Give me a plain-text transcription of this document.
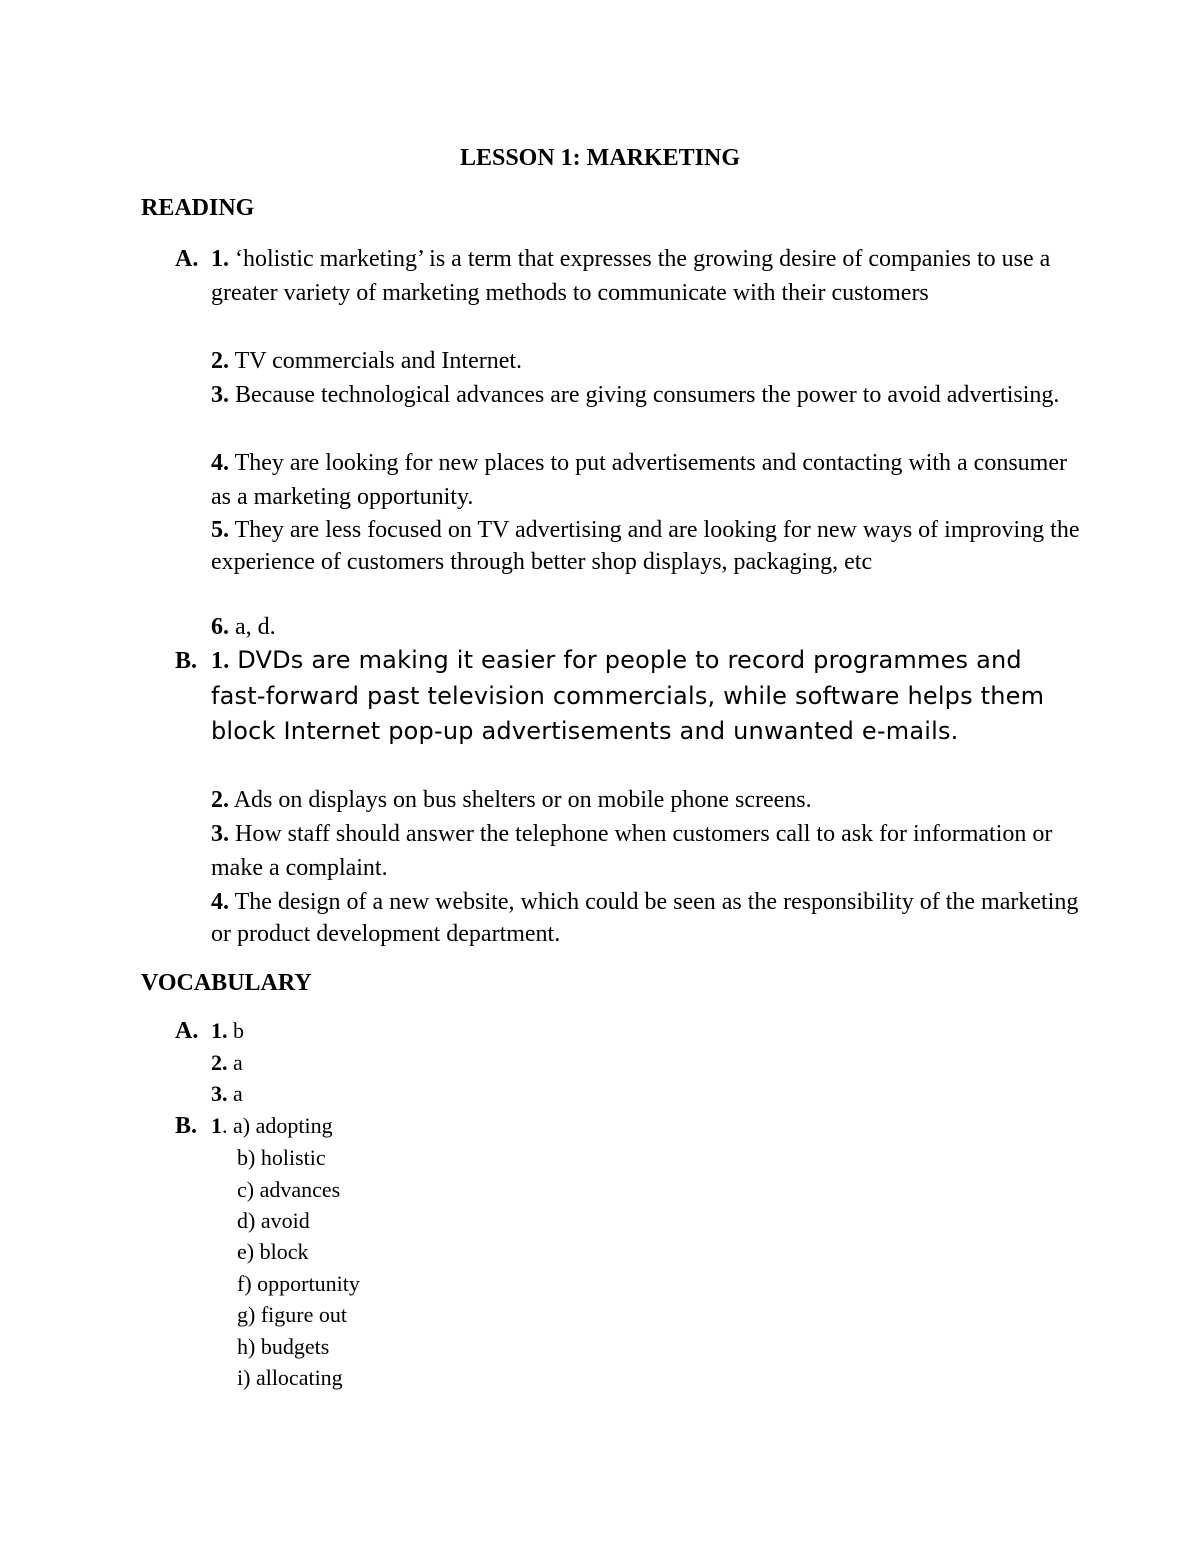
LESSON 1: MARKETING
READING
A. 1. ‘holistic marketing’ is a term that expresses the growing desire of companies to use a greater variety of marketing methods to communicate with their customers
2. TV commercials and Internet.
3. Because technological advances are giving consumers the power to avoid advertising.
4. They are looking for new places to put advertisements and contacting with a consumer as a marketing opportunity.
5. They are less focused on TV advertising and are looking for new ways of improving the experience of customers through better shop displays, packaging, etc
6. a, d.
B. 1. DVDs are making it easier for people to record programmes and fast-forward past television commercials, while software helps them block Internet pop-up advertisements and unwanted e-mails.
2. Ads on displays on bus shelters or on mobile phone screens.
3. How staff should answer the telephone when customers call to ask for information or make a complaint.
4. The design of a new website, which could be seen as the responsibility of the marketing or product development department.
VOCABULARY
A. 1. b
2. a
3. a
B. 1. a) adopting
b) holistic
c) advances
d) avoid
e) block
f) opportunity
g) figure out
h) budgets
i) allocating
